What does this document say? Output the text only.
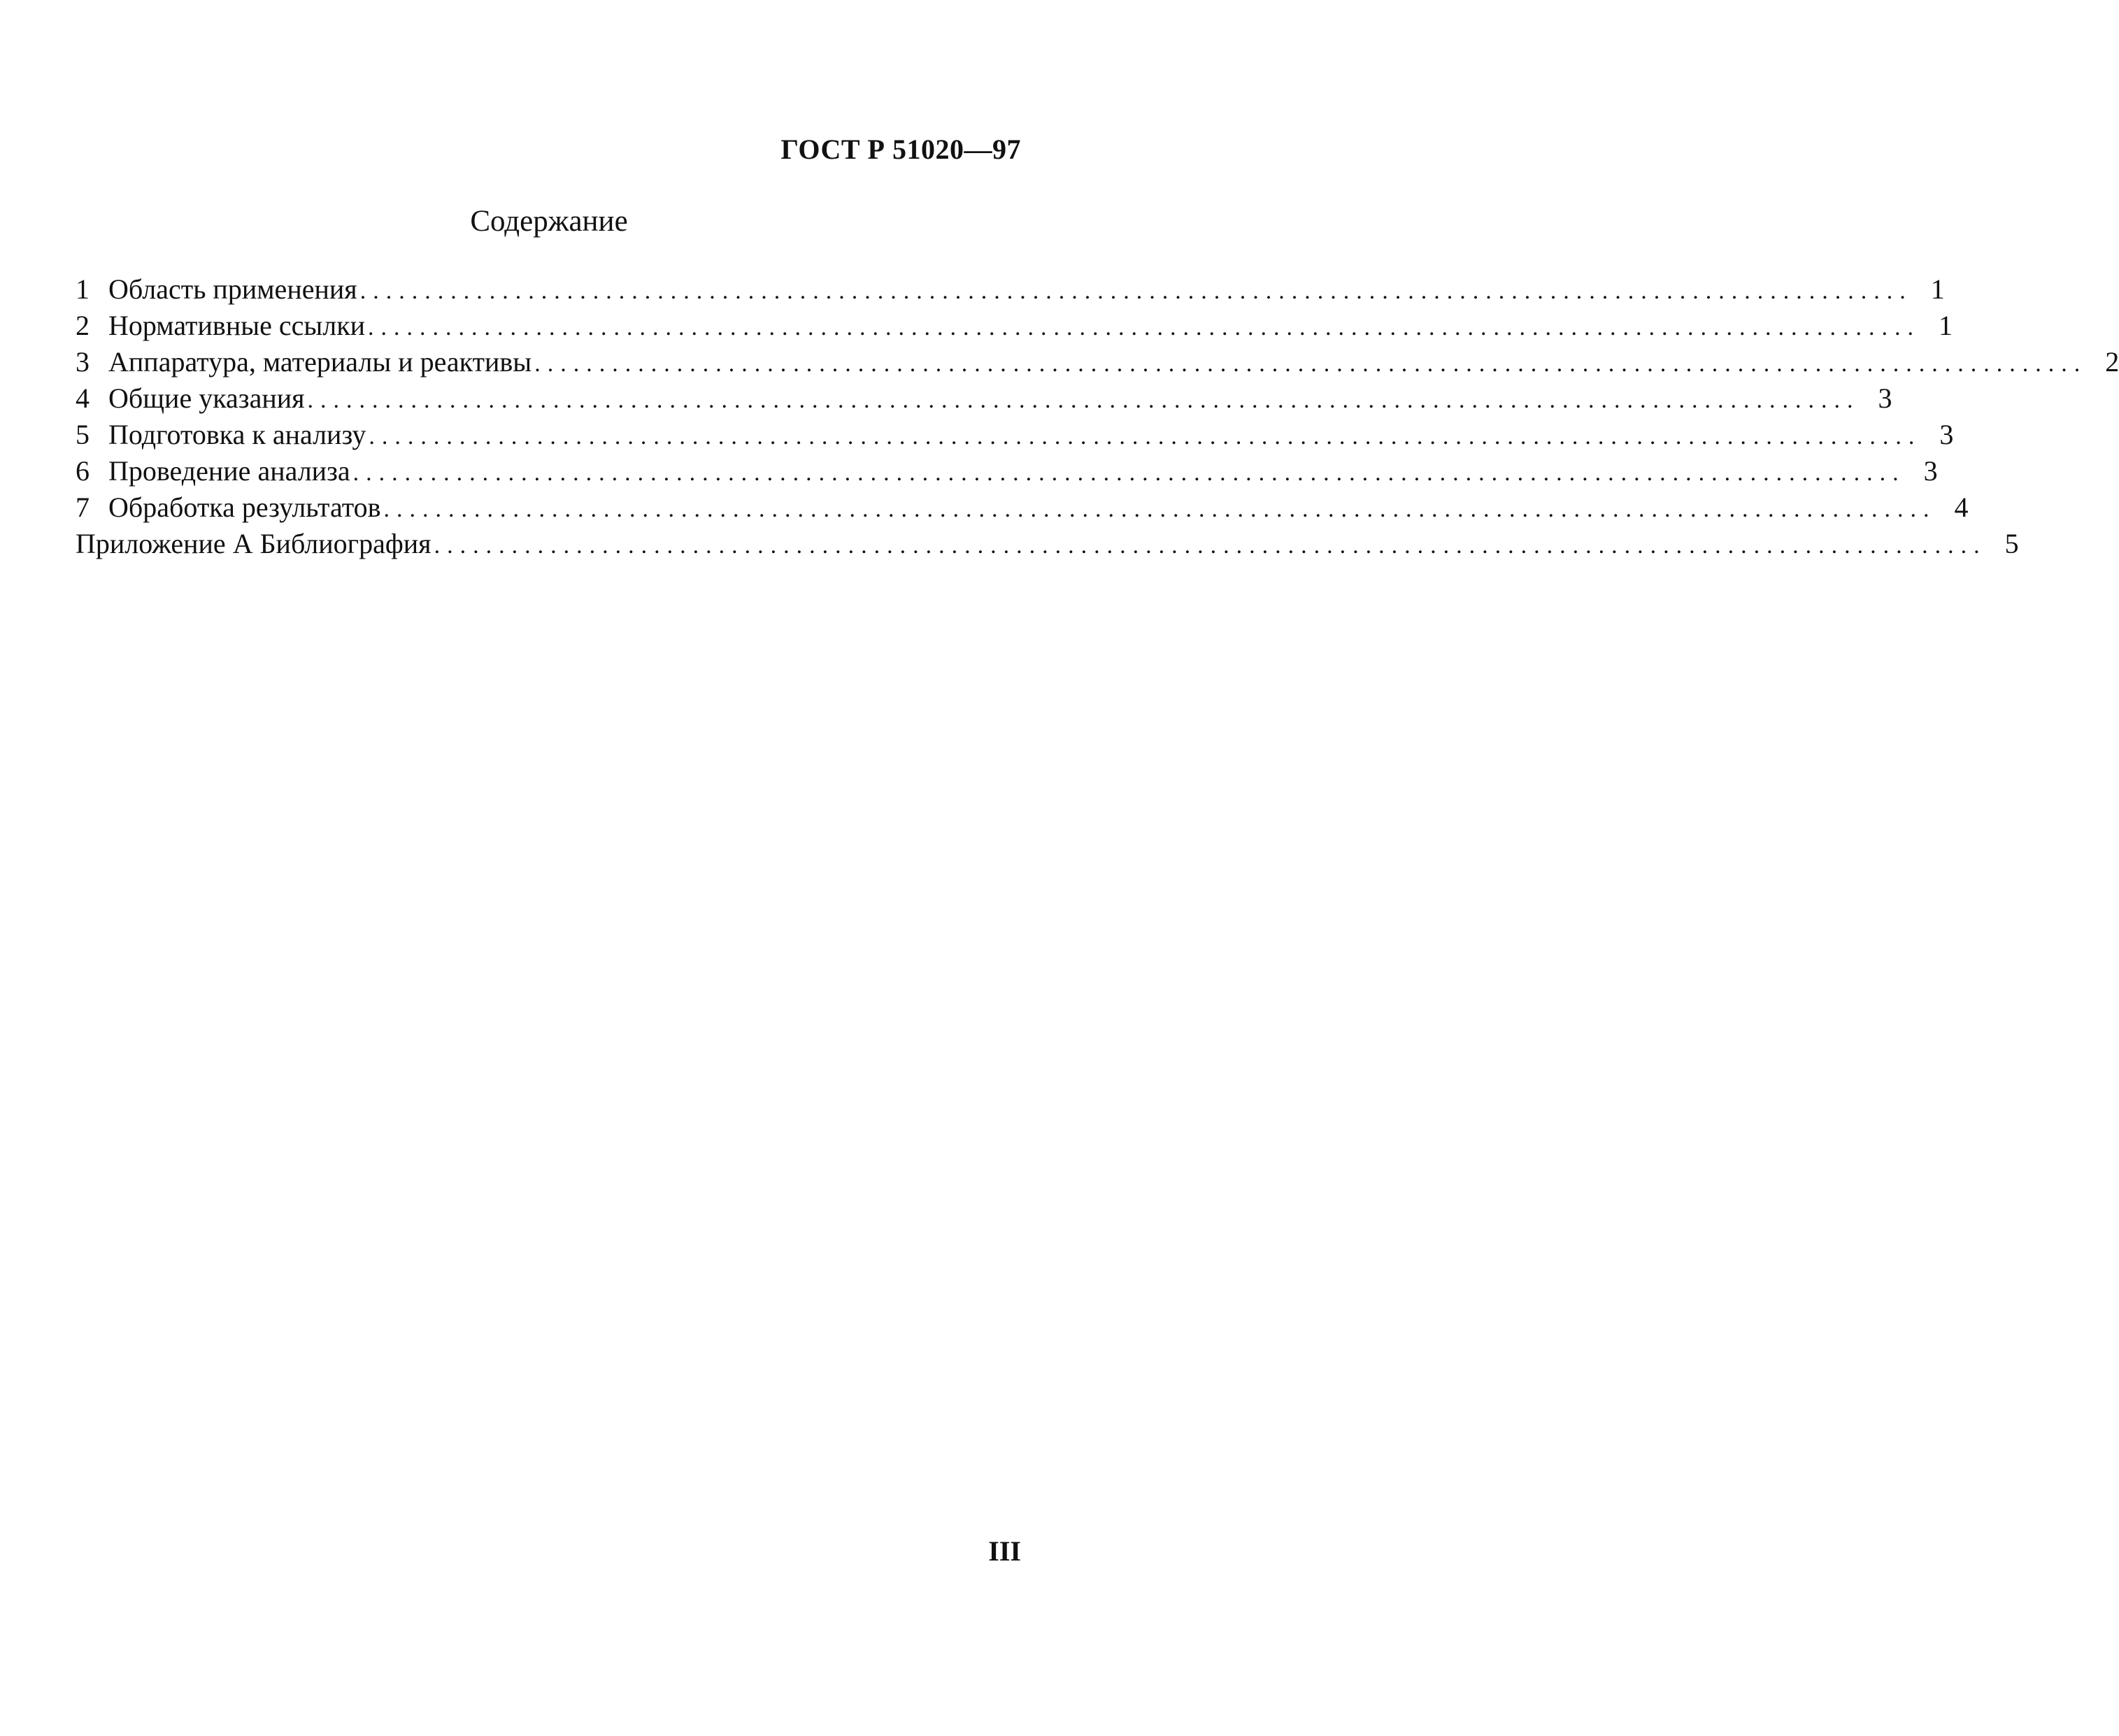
ГОСТ Р 51020—97
Содержание
1 Область применения ........................................................................................................................ 1
2 Нормативные ссылки ........................................................................................................................ 1
3 Аппаратура, материалы и реактивы ........................................................................................................................ 2
4 Общие указания ........................................................................................................................ 3
5 Подготовка к анализу ........................................................................................................................ 3
6 Проведение анализа ........................................................................................................................ 3
7 Обработка результатов ........................................................................................................................ 4
Приложение А Библиография ........................................................................................................................ 5
III
